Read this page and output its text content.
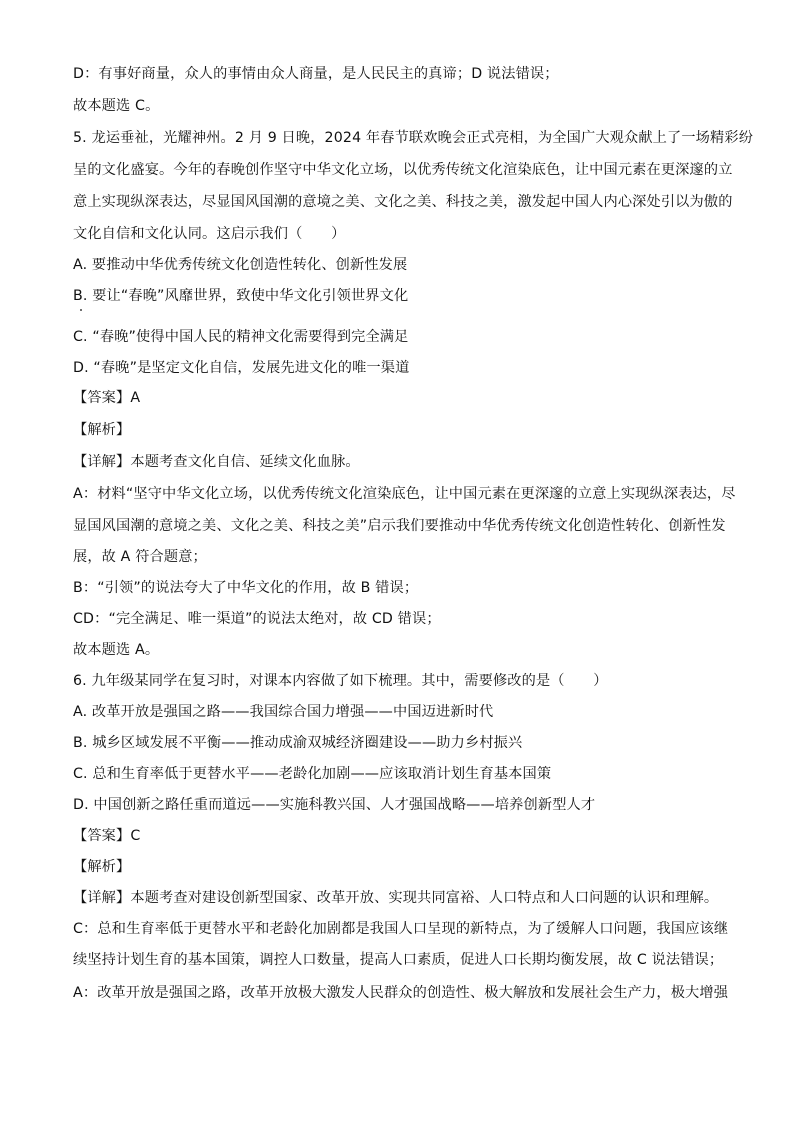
D：有事好商量，众人的事情由众人商量，是人民民主的真谛；D 说法错误；
故本题选 C。
5. 龙运垂祉，光耀神州。2 月 9 日晚，2024 年春节联欢晚会正式亮相，为全国广大观众献上了一场精彩纷
呈的文化盛宴。今年的春晚创作坚守中华文化立场，以优秀传统文化渲染底色，让中国元素在更深邃的立
意上实现纵深表达，尽显国风国潮的意境之美、文化之美、科技之美，激发起中国人内心深处引以为傲的
文化自信和文化认同。这启示我们（　　）
A. 要推动中华优秀传统文化创造性转化、创新性发展
B. 要让“春晚”风靡世界，致使中华文化引领世界文化
C. “春晚”使得中国人民的精神文化需要得到完全满足
D. “春晚”是坚定文化自信，发展先进文化的唯一渠道
【答案】A
【解析】
【详解】本题考查文化自信、延续文化血脉。
A：材料“坚守中华文化立场，以优秀传统文化渲染底色，让中国元素在更深邃的立意上实现纵深表达，尽
显国风国潮的意境之美、文化之美、科技之美”启示我们要推动中华优秀传统文化创造性转化、创新性发
展，故 A 符合题意；
B：“引领”的说法夸大了中华文化的作用，故 B 错误；
CD：“完全满足、唯一渠道”的说法太绝对，故 CD 错误；
故本题选 A。
6. 九年级某同学在复习时，对课本内容做了如下梳理。其中，需要修改的是（　　）
A. 改革开放是强国之路——我国综合国力增强——中国迈进新时代
B. 城乡区域发展不平衡——推动成渝双城经济圈建设——助力乡村振兴
C. 总和生育率低于更替水平——老龄化加剧——应该取消计划生育基本国策
D. 中国创新之路任重而道远——实施科教兴国、人才强国战略——培养创新型人才
【答案】C
【解析】
【详解】本题考查对建设创新型国家、改革开放、实现共同富裕、人口特点和人口问题的认识和理解。
C：总和生育率低于更替水平和老龄化加剧都是我国人口呈现的新特点，为了缓解人口问题，我国应该继
续坚持计划生育的基本国策，调控人口数量，提高人口素质，促进人口长期均衡发展，故 C 说法错误；
A：改革开放是强国之路，改革开放极大激发人民群众的创造性、极大解放和发展社会生产力，极大增强
